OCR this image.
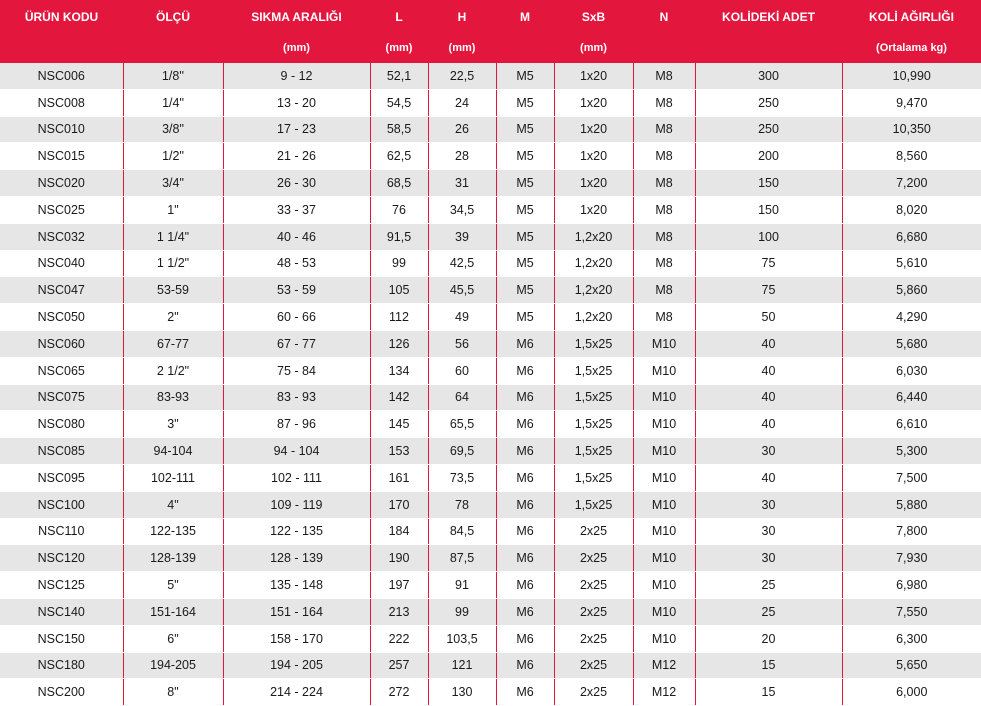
ÜRÜN KODU	ÖLÇÜ	SIKMA ARALIĞI	L	H	M	SxB	N	KOLİDEKİ ADET	KOLİ AĞIRLIĞI
		(mm)	(mm)	(mm)		(mm)			(Ortalama kg)
NSC006	1/8''	9 - 12	52,1	22,5	M5	1x20	M8	300	10,990
NSC008	1/4"	13 - 20	54,5	24	M5	1x20	M8	250	9,470
NSC010	3/8"	17 - 23	58,5	26	M5	1x20	M8	250	10,350
NSC015	1/2"	21 - 26	62,5	28	M5	1x20	M8	200	8,560
NSC020	3/4"	26 - 30	68,5	31	M5	1x20	M8	150	7,200
NSC025	1"	33 - 37	76	34,5	M5	1x20	M8	150	8,020
NSC032	1 1/4"	40 - 46	91,5	39	M5	1,2x20	M8	100	6,680
NSC040	1 1/2"	48 - 53	99	42,5	M5	1,2x20	M8	75	5,610
NSC047	53-59	53 - 59	105	45,5	M5	1,2x20	M8	75	5,860
NSC050	2"	60 - 66	112	49	M5	1,2x20	M8	50	4,290
NSC060	67-77	67 - 77	126	56	M6	1,5x25	M10	40	5,680
NSC065	2 1/2"	75 - 84	134	60	M6	1,5x25	M10	40	6,030
NSC075	83-93	83 - 93	142	64	M6	1,5x25	M10	40	6,440
NSC080	3"	87 - 96	145	65,5	M6	1,5x25	M10	40	6,610
NSC085	94-104	94 - 104	153	69,5	M6	1,5x25	M10	30	5,300
NSC095	102-111	102 - 111	161	73,5	M6	1,5x25	M10	40	7,500
NSC100	4"	109 - 119	170	78	M6	1,5x25	M10	30	5,880
NSC110	122-135	122 - 135	184	84,5	M6	2x25	M10	30	7,800
NSC120	128-139	128 - 139	190	87,5	M6	2x25	M10	30	7,930
NSC125	5"	135 - 148	197	91	M6	2x25	M10	25	6,980
NSC140	151-164	151 - 164	213	99	M6	2x25	M10	25	7,550
NSC150	6"	158 - 170	222	103,5	M6	2x25	M10	20	6,300
NSC180	194-205	194 - 205	257	121	M6	2x25	M12	15	5,650
NSC200	8"	214 - 224	272	130	M6	2x25	M12	15	6,000
